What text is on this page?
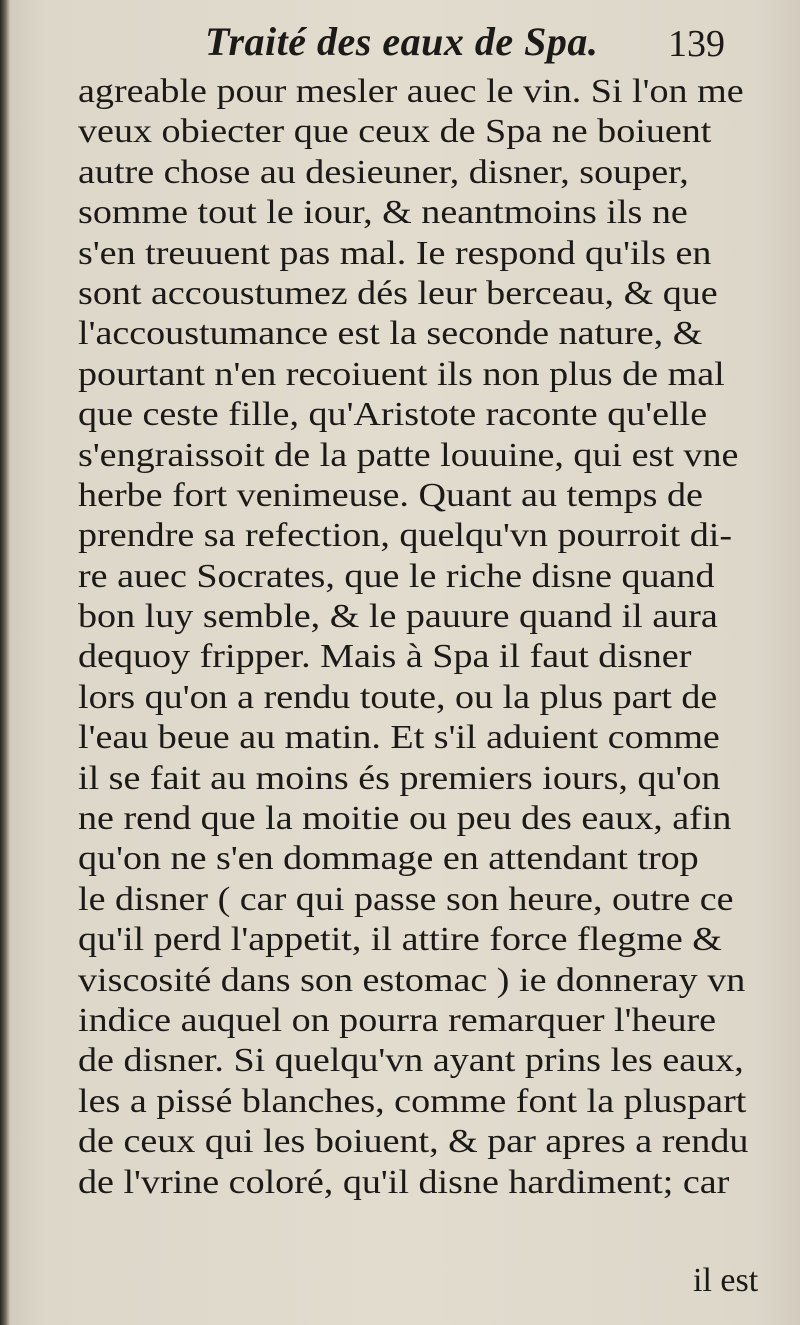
Traité des eaux de Spa. 139
agreable pour mesler auec le vin. Si l'on me
veux obiecter que ceux de Spa ne boiuent
autre chose au desieuner, disner, souper,
somme tout le iour, & neantmoins ils ne
s'en treuuent pas mal. Ie respond qu'ils en
sont accoustumez dés leur berceau, & que
l'accoustumance est la seconde nature, &
pourtant n'en recoiuent ils non plus de mal
que ceste fille, qu'Aristote raconte qu'elle
s'engraissoit de la patte louuine, qui est vne
herbe fort venimeuse. Quant au temps de
prendre sa refection, quelqu'vn pourroit di-
re auec Socrates, que le riche disne quand
bon luy semble, & le pauure quand il aura
dequoy fripper. Mais à Spa il faut disner
lors qu'on a rendu toute, ou la plus part de
l'eau beue au matin. Et s'il aduient comme
il se fait au moins és premiers iours, qu'on
ne rend que la moitie ou peu des eaux, afin
qu'on ne s'en dommage en attendant trop
le disner ( car qui passe son heure, outre ce
qu'il perd l'appetit, il attire force flegme &
viscosité dans son estomac ) ie donneray vn
indice auquel on pourra remarquer l'heure
de disner. Si quelqu'vn ayant prins les eaux,
les a pissé blanches, comme font la pluspart
de ceux qui les boiuent, & par apres a rendu
de l'vrine coloré, qu'il disne hardiment; car
il est
